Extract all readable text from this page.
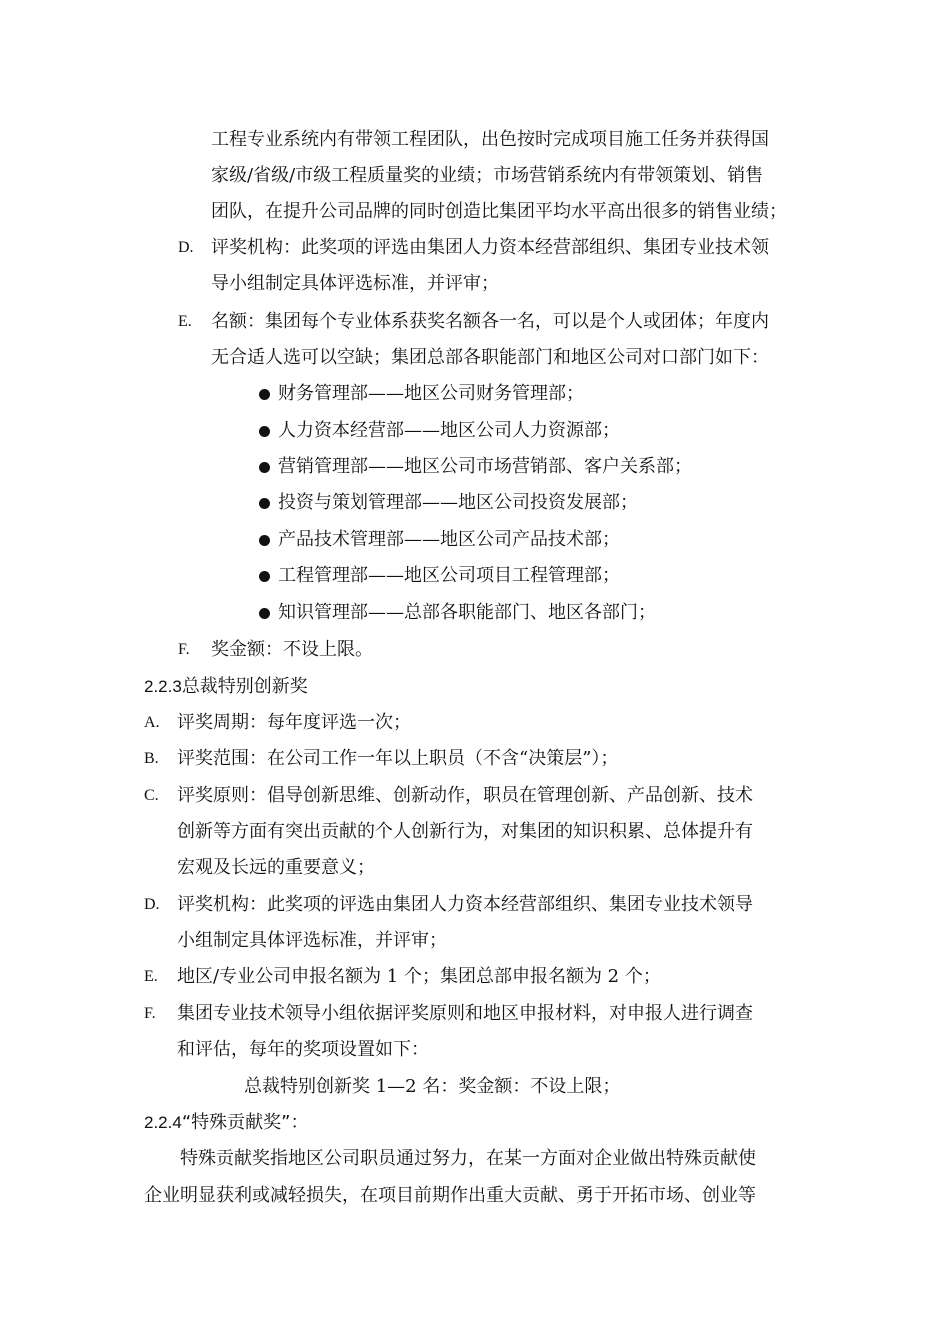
工程专业系统内有带领工程团队，出色按时完成项目施工任务并获得国
家级/省级/市级工程质量奖的业绩；市场营销系统内有带领策划、销售
团队，在提升公司品牌的同时创造比集团平均水平高出很多的销售业绩；
D. 评奖机构：此奖项的评选由集团人力资本经营部组织、集团专业技术领
导小组制定具体评选标准，并评审；
E. 名额：集团每个专业体系获奖名额各一名，可以是个人或团体；年度内
无合适人选可以空缺；集团总部各职能部门和地区公司对口部门如下：
财务管理部——地区公司财务管理部；
人力资本经营部——地区公司人力资源部；
营销管理部——地区公司市场营销部、客户关系部；
投资与策划管理部——地区公司投资发展部；
产品技术管理部——地区公司产品技术部；
工程管理部——地区公司项目工程管理部；
知识管理部——总部各职能部门、地区各部门；
F. 奖金额：不设上限。
2.2.3总裁特别创新奖
A. 评奖周期：每年度评选一次；
B. 评奖范围：在公司工作一年以上职员（不含“决策层”）；
C. 评奖原则：倡导创新思维、创新动作，职员在管理创新、产品创新、技术
创新等方面有突出贡献的个人创新行为，对集团的知识积累、总体提升有
宏观及长远的重要意义；
D. 评奖机构：此奖项的评选由集团人力资本经营部组织、集团专业技术领导
小组制定具体评选标准，并评审；
E. 地区/专业公司申报名额为 1 个；集团总部申报名额为 2 个；
F. 集团专业技术领导小组依据评奖原则和地区申报材料，对申报人进行调查
和评估，每年的奖项设置如下：
总裁特别创新奖 1—2 名：奖金额：不设上限；
2.2.4“特殊贡献奖”：
特殊贡献奖指地区公司职员通过努力，在某一方面对企业做出特殊贡献使
企业明显获利或减轻损失，在项目前期作出重大贡献、勇于开拓市场、创业等
